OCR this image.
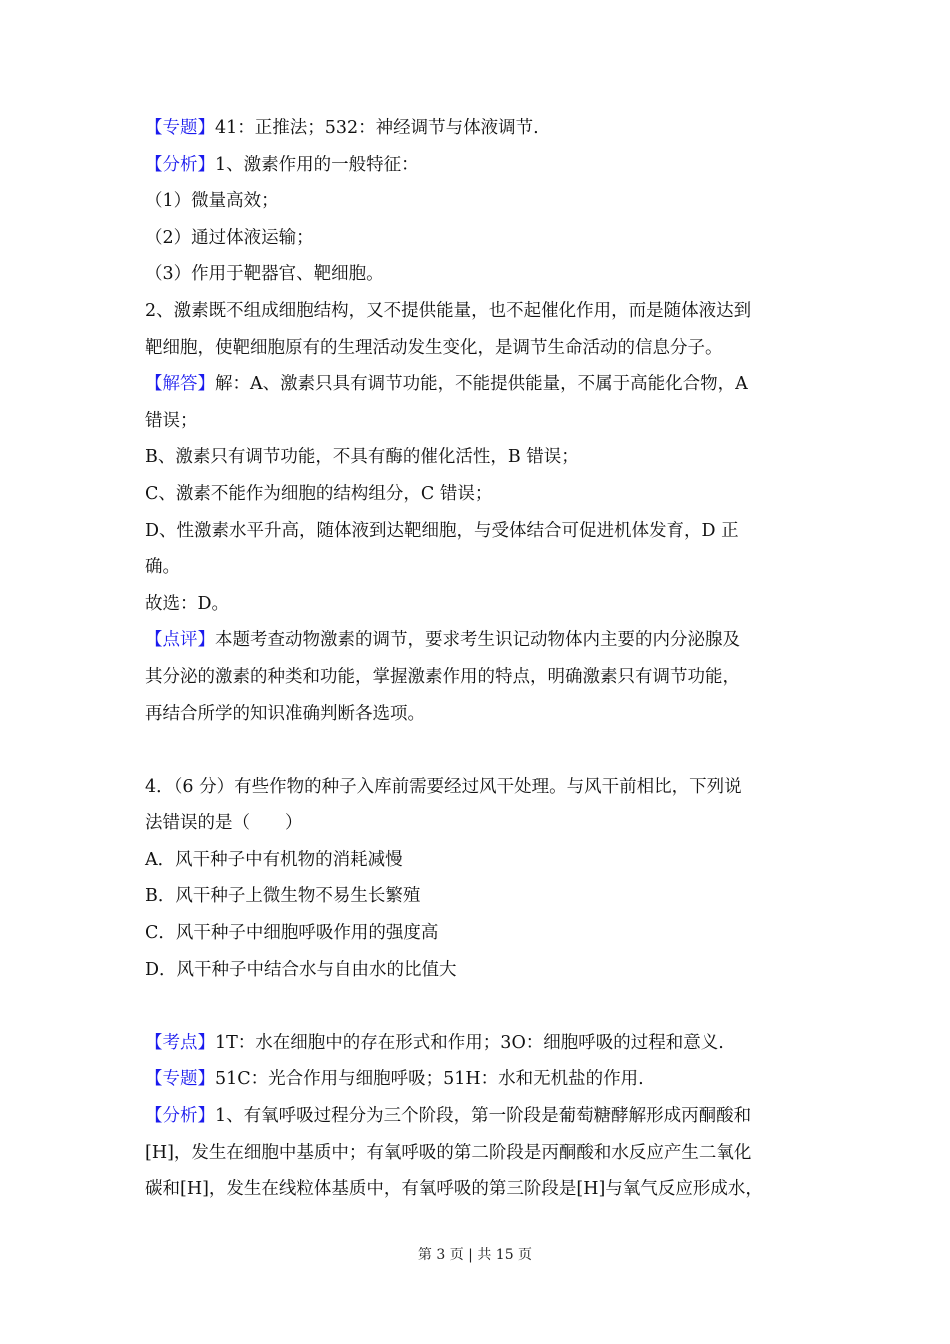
【专题】41：正推法；532：神经调节与体液调节.
【分析】1、激素作用的一般特征：
（1）微量高效；
（2）通过体液运输；
（3）作用于靶器官、靶细胞。
2、激素既不组成细胞结构，又不提供能量，也不起催化作用，而是随体液达到
靶细胞，使靶细胞原有的生理活动发生变化，是调节生命活动的信息分子。
【解答】解：A、激素只具有调节功能，不能提供能量，不属于高能化合物，A
错误；
B、激素只有调节功能，不具有酶的催化活性，B 错误；
C、激素不能作为细胞的结构组分，C 错误；
D、性激素水平升高，随体液到达靶细胞，与受体结合可促进机体发育，D 正
确。
故选：D。
【点评】本题考查动物激素的调节，要求考生识记动物体内主要的内分泌腺及
其分泌的激素的种类和功能，掌握激素作用的特点，明确激素只有调节功能，
再结合所学的知识准确判断各选项。
4．（6 分）有些作物的种子入库前需要经过风干处理。与风干前相比，下列说
法错误的是（　　）
A．风干种子中有机物的消耗减慢
B．风干种子上微生物不易生长繁殖
C．风干种子中细胞呼吸作用的强度高
D．风干种子中结合水与自由水的比值大
【考点】1T：水在细胞中的存在形式和作用；3O：细胞呼吸的过程和意义.
【专题】51C：光合作用与细胞呼吸；51H：水和无机盐的作用.
【分析】1、有氧呼吸过程分为三个阶段，第一阶段是葡萄糖酵解形成丙酮酸和
[H]，发生在细胞中基质中；有氧呼吸的第二阶段是丙酮酸和水反应产生二氧化
碳和[H]，发生在线粒体基质中，有氧呼吸的第三阶段是[H]与氧气反应形成水，
第 3 页 | 共 15 页
